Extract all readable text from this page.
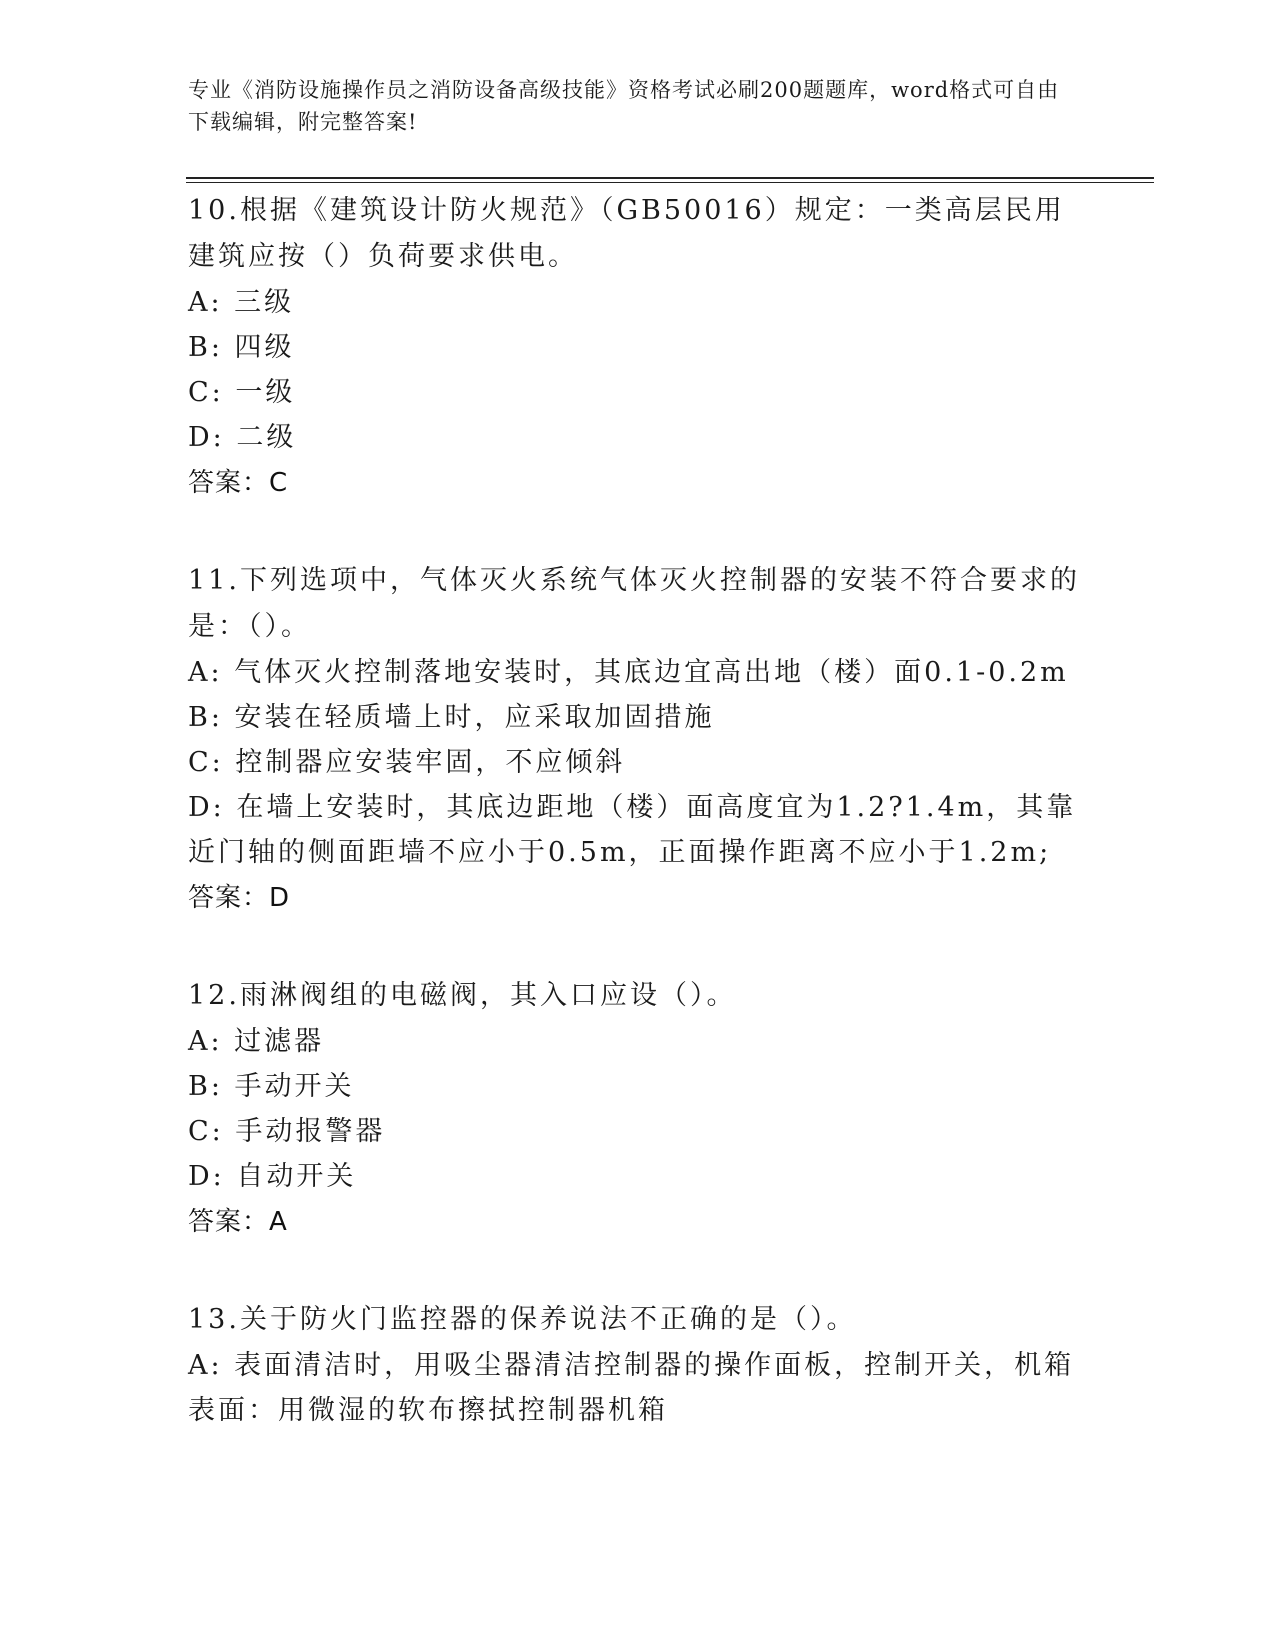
专业《消防设施操作员之消防设备高级技能》资格考试必刷200题题库，word格式可自由下载编辑，附完整答案!
10.根据《建筑设计防火规范》（GB50016）规定：一类高层民用建筑应按（）负荷要求供电。
A: 三级
B: 四级
C: 一级
D: 二级
答案：C
11.下列选项中，气体灭火系统气体灭火控制器的安装不符合要求的是：（）。
A: 气体灭火控制落地安装时，其底边宜高出地（楼）面0.1-0.2m
B: 安装在轻质墙上时，应采取加固措施
C: 控制器应安装牢固，不应倾斜
D: 在墙上安装时，其底边距地（楼）面高度宜为1.2?1.4m，其靠近门轴的侧面距墙不应小于0.5m，正面操作距离不应小于1.2m;
答案：D
12.雨淋阀组的电磁阀，其入口应设（）。
A: 过滤器
B: 手动开关
C: 手动报警器
D: 自动开关
答案：A
13.关于防火门监控器的保养说法不正确的是（）。
A: 表面清洁时，用吸尘器清洁控制器的操作面板，控制开关，机箱表面：用微湿的软布擦拭控制器机箱
